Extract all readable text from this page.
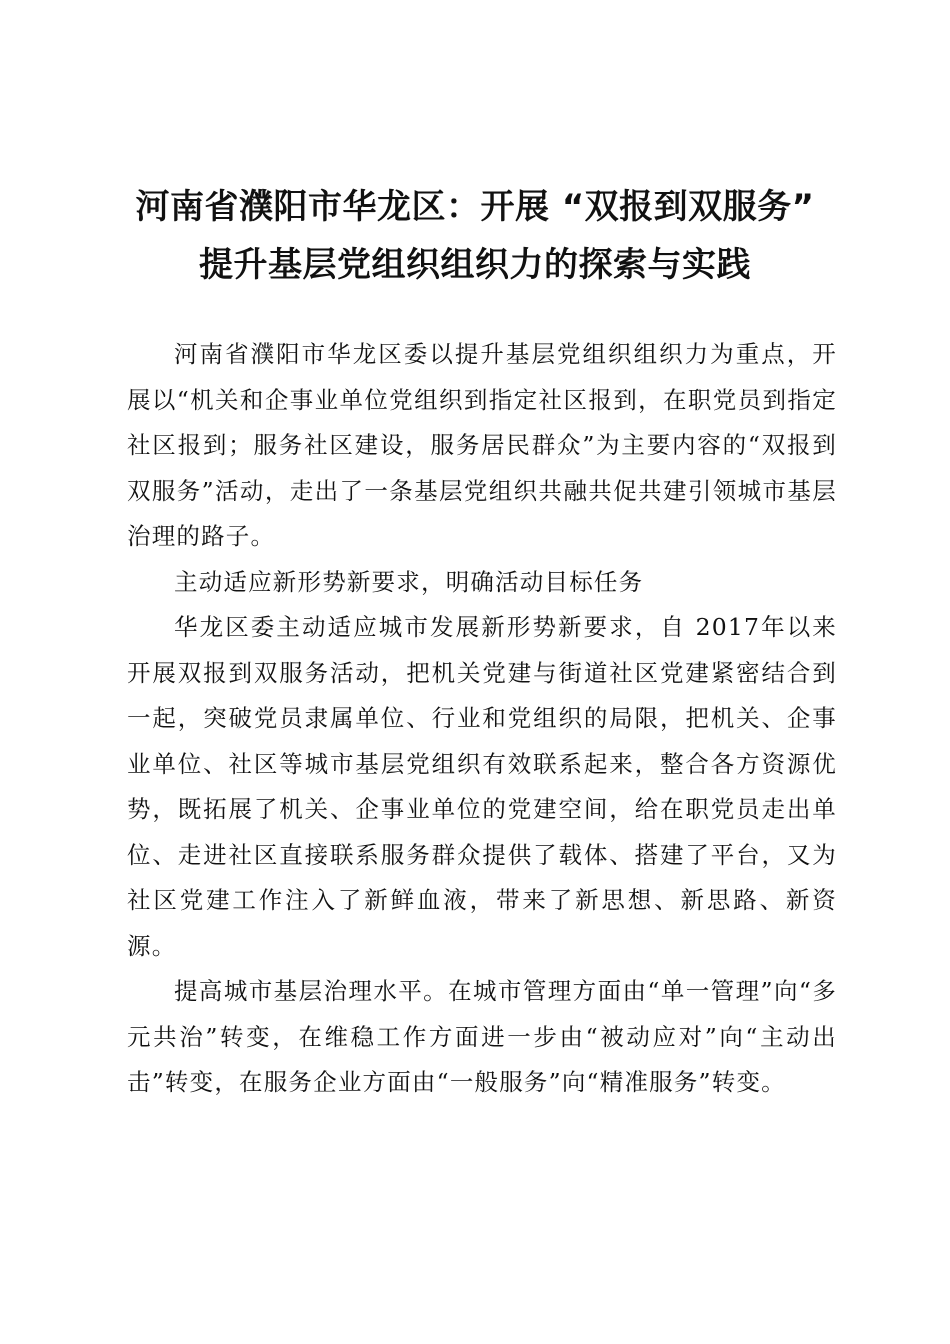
河南省濮阳市华龙区：开展 “双报到双服务”
提升基层党组织组织力的探索与实践

河南省濮阳市华龙区委以提升基层党组织组织力为重点，开展以“机关和企事业单位党组织到指定社区报到，在职党员到指定社区报到；服务社区建设，服务居民群众”为主要内容的“双报到双服务”活动，走出了一条基层党组织共融共促共建引领城市基层治理的路子。

主动适应新形势新要求，明确活动目标任务

华龙区委主动适应城市发展新形势新要求，自 2017年以来开展双报到双服务活动，把机关党建与街道社区党建紧密结合到一起，突破党员隶属单位、行业和党组织的局限，把机关、企事业单位、社区等城市基层党组织有效联系起来，整合各方资源优势，既拓展了机关、企事业单位的党建空间，给在职党员走出单位、走进社区直接联系服务群众提供了载体、搭建了平台，又为社区党建工作注入了新鲜血液，带来了新思想、新思路、新资源。

提高城市基层治理水平。在城市管理方面由“单一管理”向“多元共治”转变，在维稳工作方面进一步由“被动应对”向“主动出击”转变，在服务企业方面由“一般服务”向“精准服务”转变。
